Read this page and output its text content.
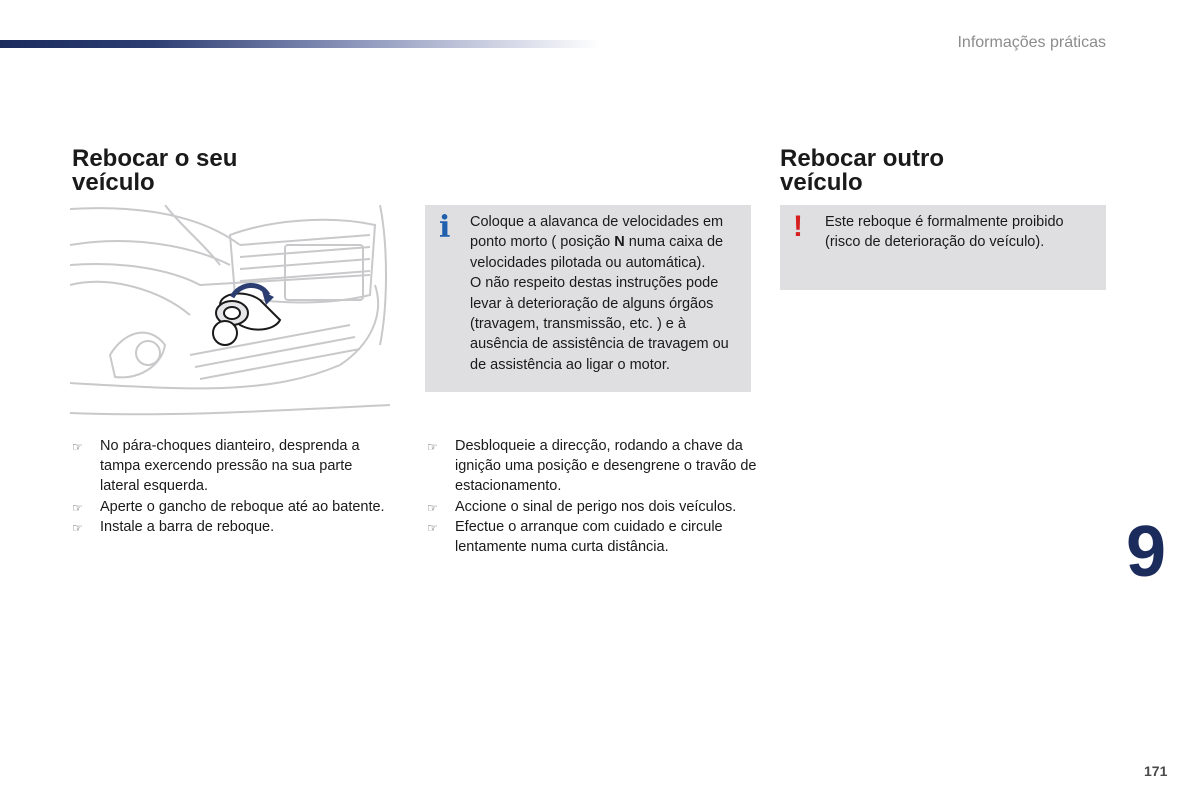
Informações práticas
Rebocar o seu veículo
Rebocar outro veículo
i Coloque a alavanca de velocidades em ponto morto ( posição N numa caixa de velocidades pilotada ou automática).
O não respeito destas instruções pode levar à deterioração de alguns órgãos (travagem, transmissão, etc. ) e à ausência de assistência de travagem ou de assistência ao ligar o motor.
! Este reboque é formalmente proibido (risco de deterioração do veículo).
☞ No pára-choques dianteiro, desprenda a tampa exercendo pressão na sua parte lateral esquerda.
☞ Aperte o gancho de reboque até ao batente.
☞ Instale a barra de reboque.
☞ Desbloqueie a direcção, rodando a chave da ignição uma posição e desengrene o travão de estacionamento.
☞ Accione o sinal de perigo nos dois veículos.
☞ Efectue o arranque com cuidado e circule lentamente numa curta distância.	9
171
